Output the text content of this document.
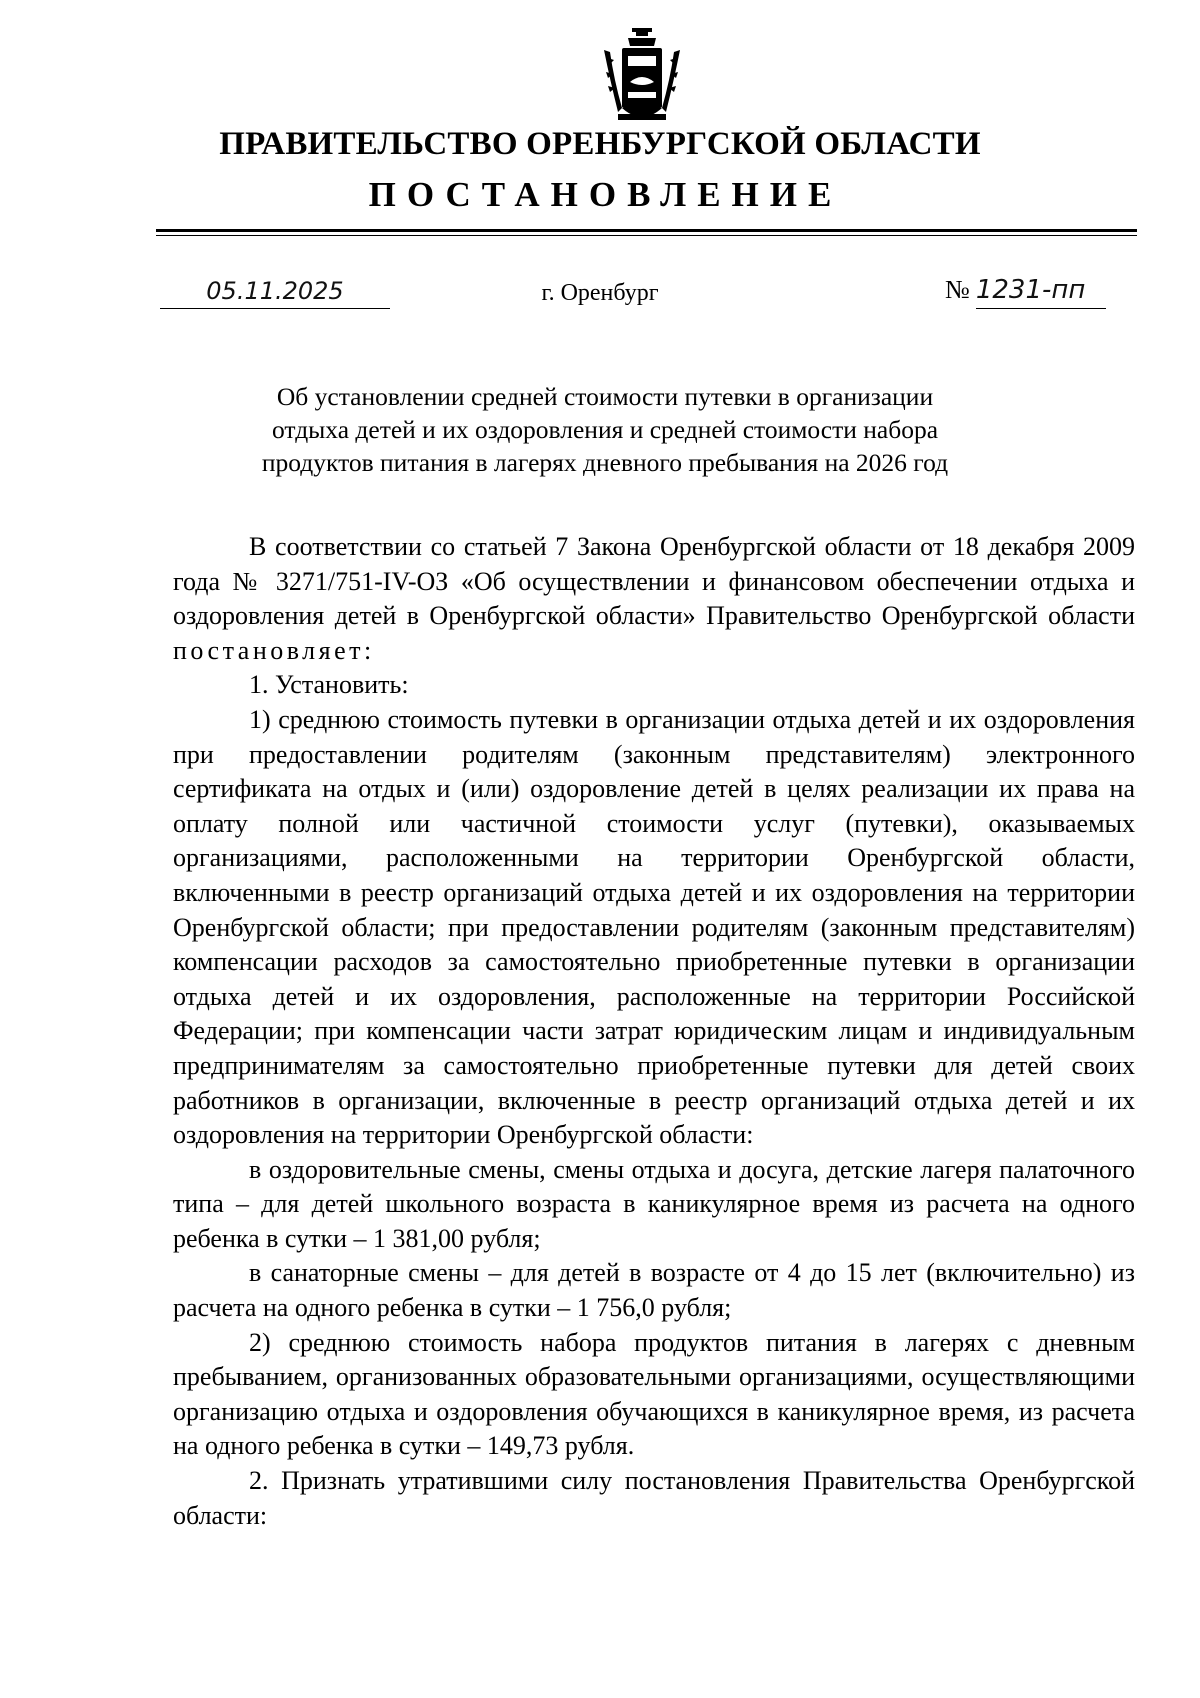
ПРАВИТЕЛЬСТВО ОРЕНБУРГСКОЙ ОБЛАСТИ
ПОСТАНОВЛЕНИЕ
05.11.2025	г. Оренбург	№ 1231-пп
Об установлении средней стоимости путевки в организации отдыха детей и их оздоровления и средней стоимости набора продуктов питания в лагерях дневного пребывания на 2026 год

В соответствии со статьей 7 Закона Оренбургской области от 18 декабря 2009 года № 3271/751-IV-ОЗ «Об осуществлении и финансовом обеспечении отдыха и оздоровления детей в Оренбургской области» Правительство Оренбургской области постановляет:

1. Установить:

1) среднюю стоимость путевки в организации отдыха детей и их оздоровления при предоставлении родителям (законным представителям) электронного сертификата на отдых и (или) оздоровление детей в целях реализации их права на оплату полной или частичной стоимости услуг (путевки), оказываемых организациями, расположенными на территории Оренбургской области, включенными в реестр организаций отдыха детей и их оздоровления на территории Оренбургской области; при предоставлении родителям (законным представителям) компенсации расходов за самостоятельно приобретенные путевки в организации отдыха детей и их оздоровления, расположенные на территории Российской Федерации; при компенсации части затрат юридическим лицам и индивидуальным предпринимателям за самостоятельно приобретенные путевки для детей своих работников в организации, включенные в реестр организаций отдыха детей и их оздоровления на территории Оренбургской области:

в оздоровительные смены, смены отдыха и досуга, детские лагеря палаточного типа – для детей школьного возраста в каникулярное время из расчета на одного ребенка в сутки – 1 381,00 рубля;

в санаторные смены – для детей в возрасте от 4 до 15 лет (включительно) из расчета на одного ребенка в сутки – 1 756,0 рубля;

2) среднюю стоимость набора продуктов питания в лагерях с дневным пребыванием, организованных образовательными организациями, осуществляющими организацию отдыха и оздоровления обучающихся в каникулярное время, из расчета на одного ребенка в сутки – 149,73 рубля.

2. Признать утратившими силу постановления Правительства Оренбургской области:
